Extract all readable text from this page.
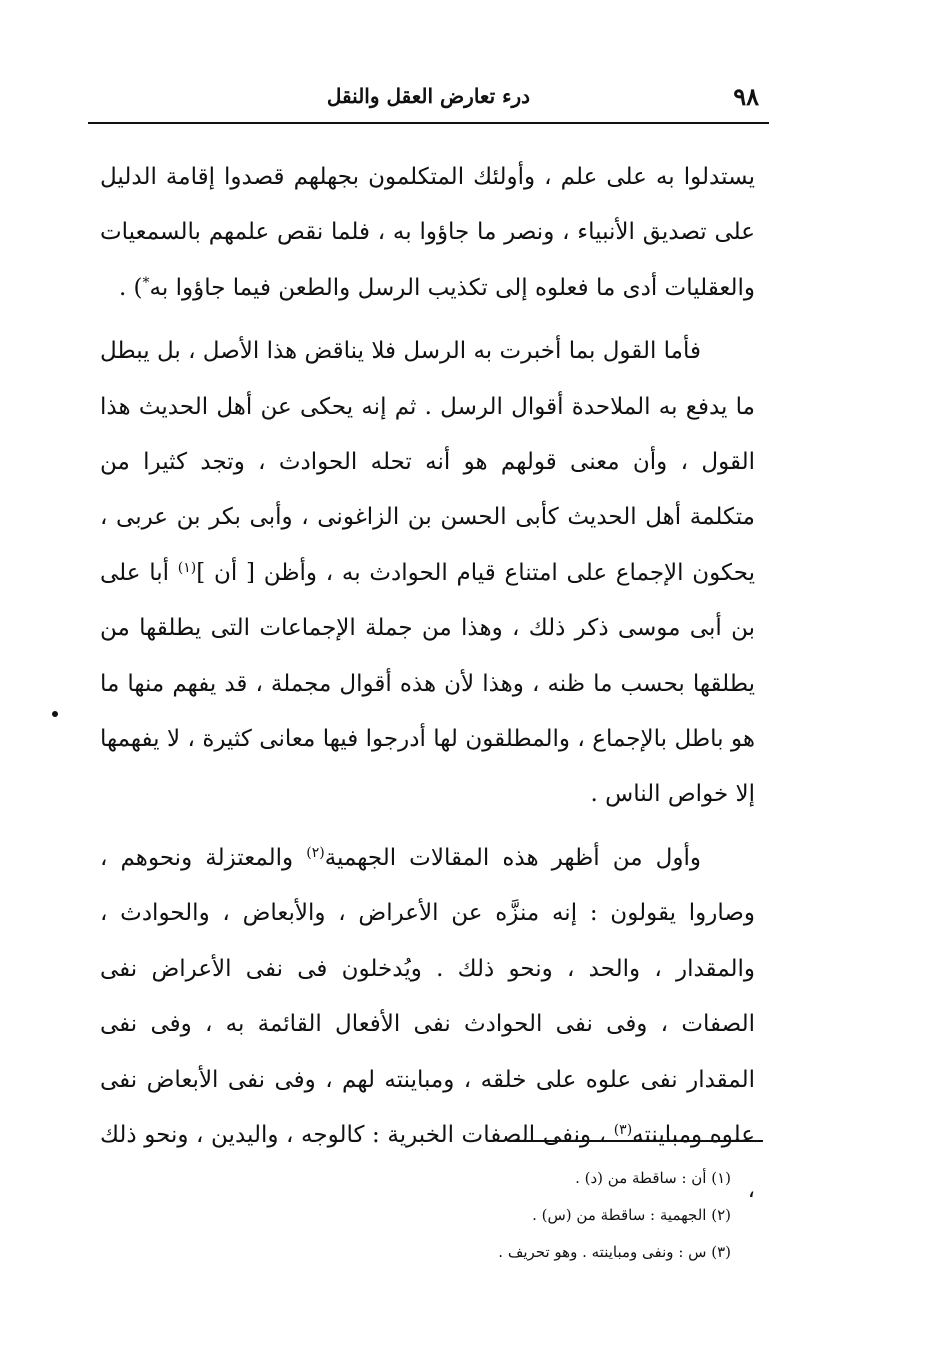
٩٨
درء تعارض العقل والنقل

يستدلوا به على علم ، وأولئك المتكلمون بجهلهم قصدوا إقامة الدليل على تصديق الأنبياء ، ونصر ما جاؤوا به ، فلما نقص علمهم بالسمعيات والعقليات أدى ما فعلوه إلى تكذيب الرسل والطعن فيما جاؤوا به*) .

فأما القول بما أخبرت به الرسل فلا يناقض هذا الأصل ، بل يبطل ما يدفع به الملاحدة أقوال الرسل . ثم إنه يحكى عن أهل الحديث هذا القول ، وأن معنى قولهم هو أنه تحله الحوادث ، وتجد كثيرا من متكلمة أهل الحديث كأبى الحسن بن الزاغونى ، وأبى بكر بن عربى ، يحكون الإجماع على امتناع قيام الحوادث به ، وأظن [ أن ]$^{(١)}$ أبا على بن أبى موسى ذكر ذلك ، وهذا من جملة الإجماعات التى يطلقها من يطلقها بحسب ما ظنه ، وهذا لأن هذه أقوال مجملة ، قد يفهم منها ما هو باطل بالإجماع ، والمطلقون لها أدرجوا فيها معانى كثيرة ، لا يفهمها إلا خواص الناس .

وأول من أظهر هذه المقالات الجهمية$^{(٢)}$ والمعتزلة ونحوهم ، وصاروا يقولون : إنه منزَّه عن الأعراض ، والأبعاض ، والحوادث ، والمقدار ، والحد ، ونحو ذلك . ويُدخلون فى نفى الأعراض نفى الصفات ، وفى نفى الحوادث نفى الأفعال القائمة به ، وفى نفى المقدار نفى علوه على خلقه ، ومباينته لهم ، وفى نفى الأبعاض نفى علوه ومباينته$^{(٣)}$ ، ونفى الصفات الخبرية : كالوجه ، واليدين ، ونحو ذلك ،

(١) أن : ساقطة من (د) .
(٢) الجهمية : ساقطة من (س) .
(٣) س : ونفى ومباينته . وهو تحريف .
